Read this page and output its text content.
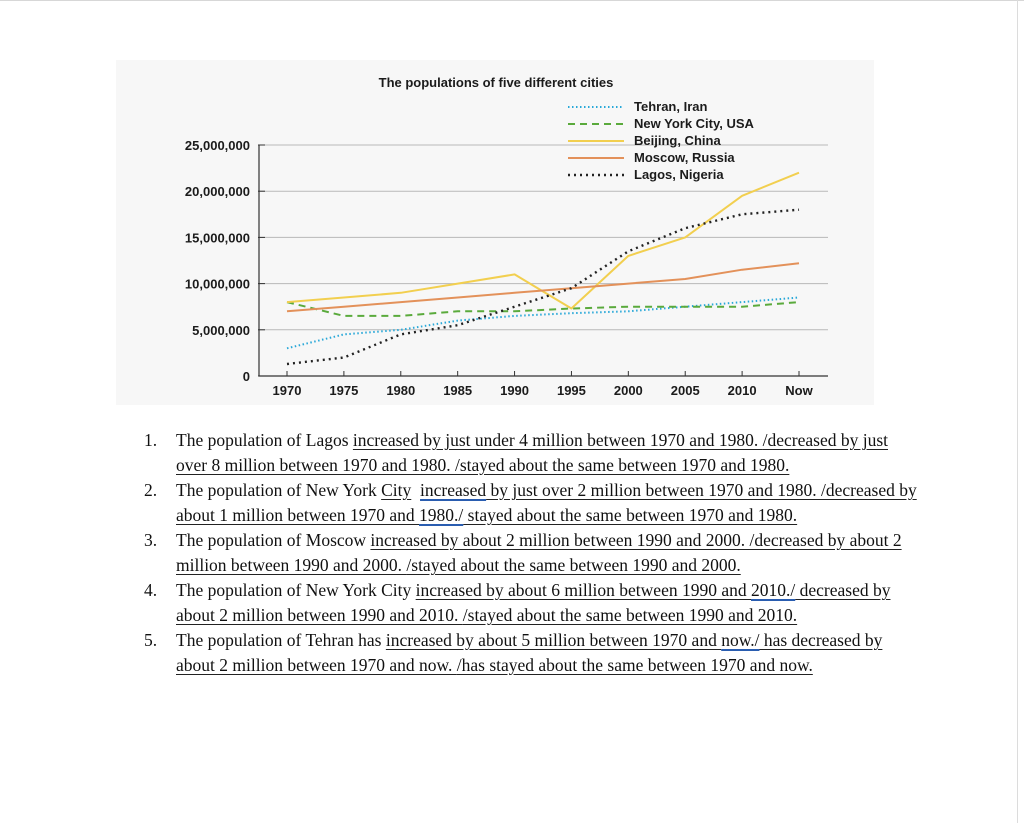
The populations of five different cities
0
5,000,000
10,000,000
15,000,000
20,000,000
25,000,000
1970 1975 1980 1985 1990 1995 2000 2005 2010 Now
Tehran, Iran
New York City, USA
Beijing, China
Moscow, Russia
Lagos, Nigeria
1. The population of Lagos increased by just under 4 million between 1970 and 1980. /decreased by just over 8 million between 1970 and 1980. /stayed about the same between 1970 and 1980.
2. The population of New York City increased by just over 2 million between 1970 and 1980. /decreased by about 1 million between 1970 and 1980./ stayed about the same between 1970 and 1980.
3. The population of Moscow increased by about 2 million between 1990 and 2000. /decreased by about 2 million between 1990 and 2000. /stayed about the same between 1990 and 2000.
4. The population of New York City increased by about 6 million between 1990 and 2010./ decreased by about 2 million between 1990 and 2010. /stayed about the same between 1990 and 2010.
5. The population of Tehran has increased by about 5 million between 1970 and now./ has decreased by about 2 million between 1970 and now. /has stayed about the same between 1970 and now.
